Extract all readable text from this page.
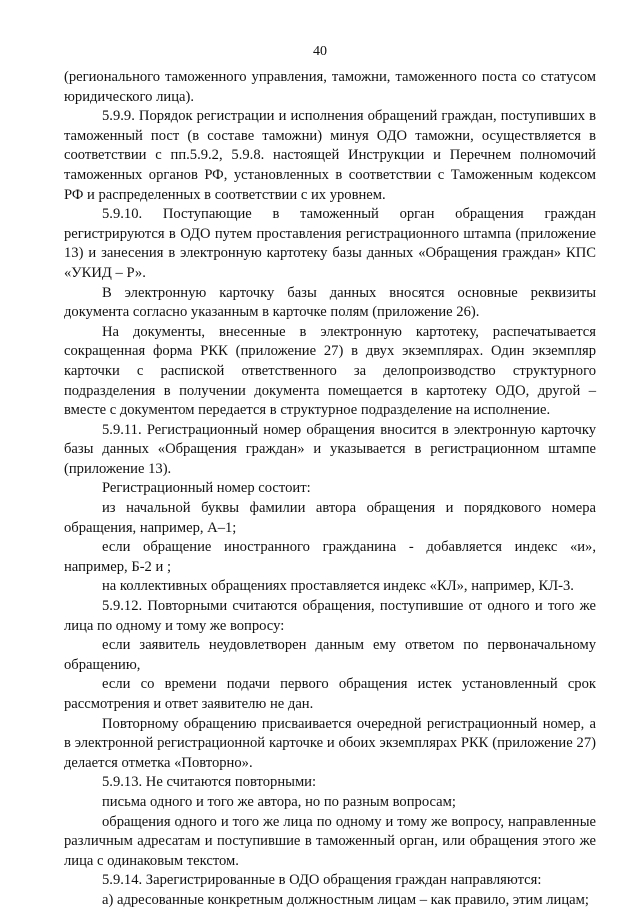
40

(регионального таможенного управления, таможни, таможенного поста со статусом юридического лица).

5.9.9. Порядок регистрации и исполнения обращений граждан, поступивших в таможенный пост (в составе таможни) минуя ОДО таможни, осуществляется в соответствии с пп.5.9.2, 5.9.8. настоящей Инструкции и Перечнем полномочий таможенных органов РФ, установленных в соответствии с Таможенным кодексом РФ и распределенных в соответствии с их уровнем.

5.9.10. Поступающие в таможенный орган обращения граждан регистрируются в ОДО путем проставления регистрационного штампа (приложение 13) и занесения в электронную картотеку базы данных «Обращения граждан» КПС «УКИД – Р».

В электронную карточку базы данных вносятся основные реквизиты документа согласно указанным в карточке полям (приложение 26).

На документы, внесенные в электронную картотеку, распечатывается сокращенная форма РКК (приложение 27) в двух экземплярах. Один экземпляр карточки с распиской ответственного за делопроизводство структурного подразделения в получении документа помещается в картотеку ОДО, другой – вместе с документом передается в структурное подразделение на исполнение.

5.9.11. Регистрационный номер обращения вносится в электронную карточку базы данных «Обращения граждан» и указывается в регистрационном штампе (приложение 13).

Регистрационный номер состоит:

из начальной буквы фамилии автора обращения и порядкового номера обращения, например, А–1;

если обращение иностранного гражданина - добавляется индекс «и», например, Б-2 и ;

на коллективных обращениях проставляется индекс «КЛ», например, КЛ-3.

5.9.12. Повторными считаются обращения, поступившие от одного и того же лица по одному и тому же вопросу:

если заявитель неудовлетворен данным ему ответом по первоначальному обращению,

если со времени подачи первого обращения истек установленный срок рассмотрения и ответ заявителю не дан.

Повторному обращению присваивается очередной регистрационный номер, а в электронной регистрационной карточке и обоих экземплярах РКК (приложение 27) делается отметка «Повторно».

5.9.13. Не считаются повторными:

письма одного и того же автора, но по разным вопросам;

обращения одного и того же лица по одному и тому же вопросу, направленные различным адресатам и поступившие в таможенный орган, или обращения этого же лица с одинаковым текстом.

5.9.14. Зарегистрированные в ОДО обращения граждан направляются:

а) адресованные конкретным должностным лицам – как правило, этим лицам;
